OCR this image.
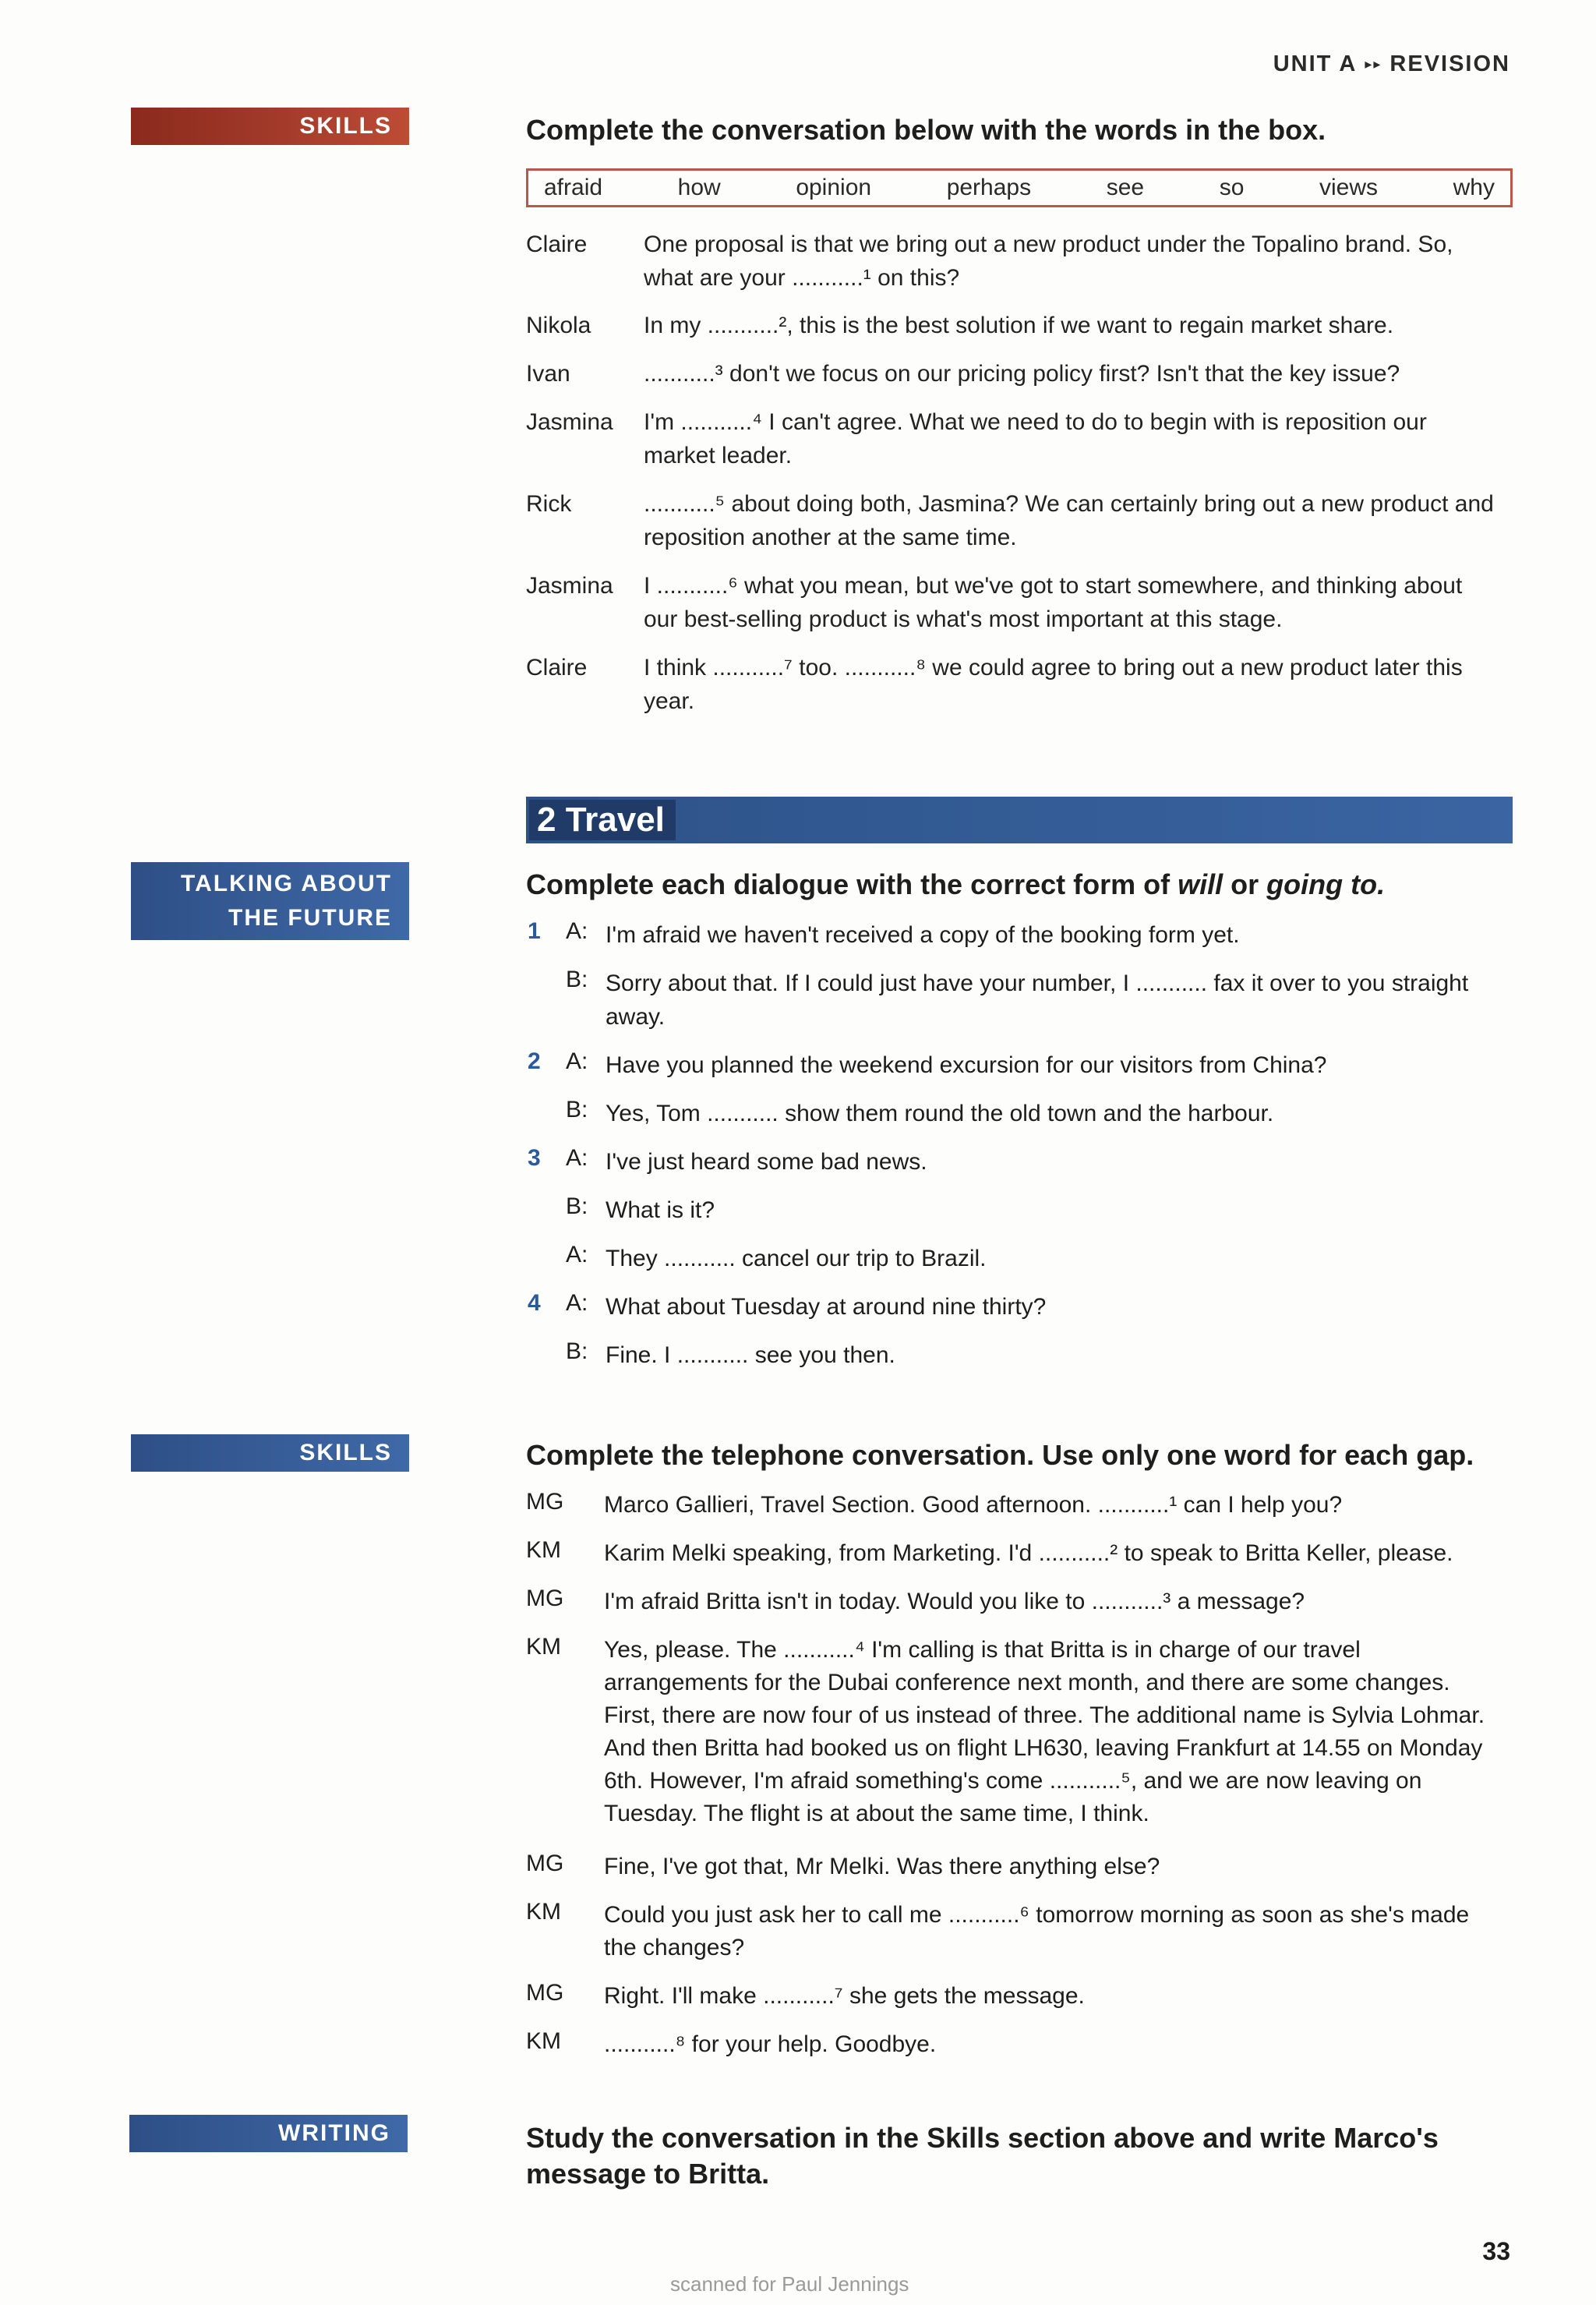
UNIT A ▸▸ REVISION
SKILLS
TALKING ABOUT
THE FUTURE
SKILLS
WRITING
Complete the conversation below with the words in the box.
afraid	how	opinion	perhaps	see	so	views	why
Claire One proposal is that we bring out a new product under the Topalino brand. So, what are your ...........¹ on this?
Nikola In my ...........², this is the best solution if we want to regain market share.
Ivan	...........³ don't we focus on our pricing policy first? Isn't that the key issue?
Jasmina I'm ...........⁴ I can't agree. What we need to do to begin with is reposition our market leader.
Rick	...........⁵ about doing both, Jasmina? We can certainly bring out a new product and reposition another at the same time.
Jasmina I ...........⁶ what you mean, but we've got to start somewhere, and thinking about our best-selling product is what's most important at this stage.
Claire I think ...........⁷ too. ...........⁸ we could agree to bring out a new product later this year.
2 Travel
Complete each dialogue with the correct form of will or going to.
1 A: I'm afraid we haven't received a copy of the booking form yet.
B: Sorry about that. If I could just have your number, I ........... fax it over to you straight away.
2 A: Have you planned the weekend excursion for our visitors from China?
B: Yes, Tom ........... show them round the old town and the harbour.
3 A: I've just heard some bad news.
B: What is it?
A: They ........... cancel our trip to Brazil.
4 A: What about Tuesday at around nine thirty?
B: Fine. I ........... see you then.
Complete the telephone conversation. Use only one word for each gap.
MG Marco Gallieri, Travel Section. Good afternoon. ...........¹ can I help you?
KM Karim Melki speaking, from Marketing. I'd ...........² to speak to Britta Keller, please.
MG I'm afraid Britta isn't in today. Would you like to ...........³ a message?
KM Yes, please. The ...........⁴ I'm calling is that Britta is in charge of our travel arrangements for the Dubai conference next month, and there are some changes. First, there are now four of us instead of three. The additional name is Sylvia Lohmar. And then Britta had booked us on flight LH630, leaving Frankfurt at 14.55 on Monday 6th. However, I'm afraid something's come ...........⁵, and we are now leaving on Tuesday. The flight is at about the same time, I think.
MG Fine, I've got that, Mr Melki. Was there anything else?
KM Could you just ask her to call me ...........⁶ tomorrow morning as soon as she's made the changes?
MG Right. I'll make ...........⁷ she gets the message.
KM ...........⁸ for your help. Goodbye.
Study the conversation in the Skills section above and write Marco's message to Britta.
33
scanned for Paul Jennings
